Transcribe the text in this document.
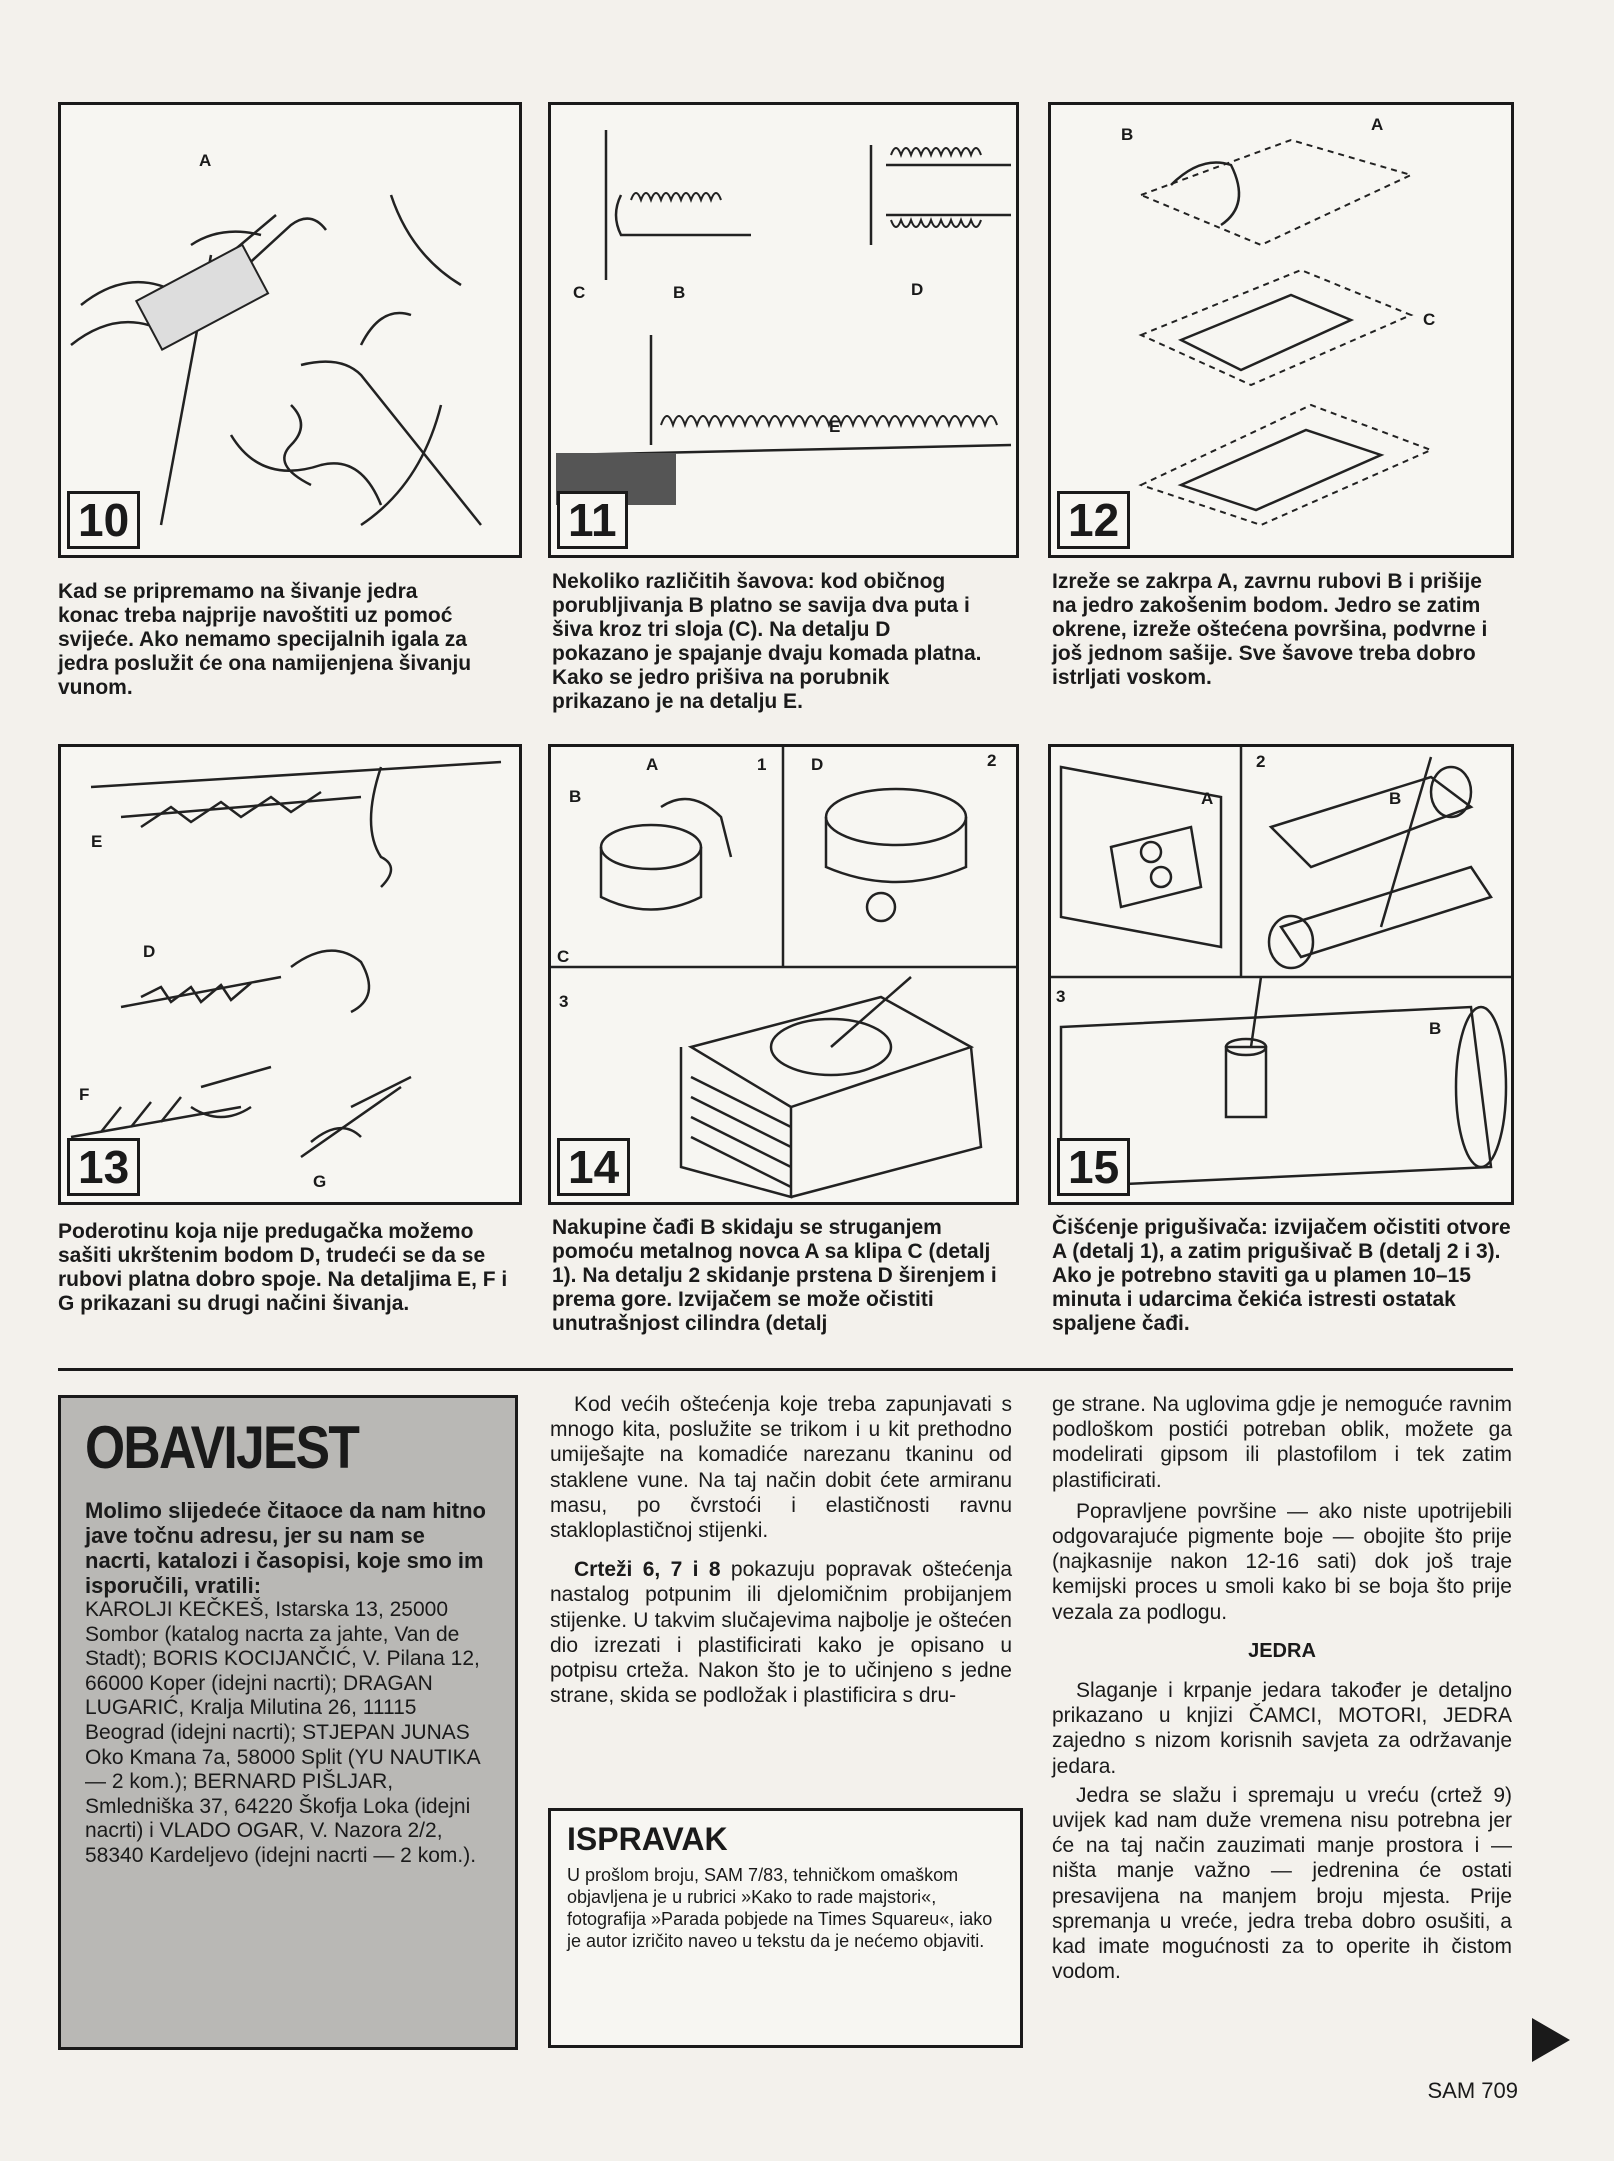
A
10
C	B	D
E
11
B
A
C
12

Kad se pripremamo na šivanje jedra konac treba najprije navoštiti uz pomoć svijeće. Ako nemamo specijalnih igala za jedra poslužit će ona namijenjena šivanju vunom.

Nekoliko različitih šavova: kod običnog porubljivanja B platno se savija dva puta i šiva kroz tri sloja (C). Na detalju D pokazano je spajanje dvaju komada platna. Kako se jedro prišiva na porubnik prikazano je na detalju E.

Izreže se zakrpa A, zavrnu rubovi B i prišije na jedro zakošenim bodom. Jedro se zatim okrene, izreže oštećena površina, podvrne i još jednom sašije. Sve šavove treba dobro istrljati voskom.

E
D
F
G
13
A	1	D	2
B
C
3
14
2
A	B
3
B
15

Poderotinu koja nije predugačka možemo sašiti ukrštenim bodom D, trudeći se da se rubovi platna dobro spoje. Na detaljima E, F i G prikazani su drugi načini šivanja.

Nakupine čađi B skidaju se struganjem pomoću metalnog novca A sa klipa C (detalj 1). Na detalju 2 skidanje prstena D širenjem i prema gore. Izvijačem se može očistiti unutrašnjost cilindra (detalj

Čišćenje prigušivača: izvijačem očistiti otvore A (detalj 1), a zatim prigušivač B (detalj 2 i 3). Ako je potrebno staviti ga u plamen 10–15 minuta i udarcima čekića istresti ostatak spaljene čađi.

OBAVIJEST

Molimo slijedeće čitaoce da nam hitno jave točnu adresu, jer su nam se nacrti, katalozi i časopisi, koje smo im isporučili, vratili:

KAROLJI KEČKEŠ, Istarska 13, 25000 Sombor (katalog nacrta za jahte, Van de Stadt); BORIS KOCIJANČIĆ, V. Pilana 12, 66000 Koper (idejni nacrti); DRAGAN LUGARIĆ, Kralja Milutina 26, 11115 Beograd (idejni nacrti); STJEPAN JUNAS Oko Kmana 7a, 58000 Split (YU NAUTIKA — 2 kom.); BERNARD PIŠLJAR, Smledniška 37, 64220 Škofja Loka (idejni nacrti) i VLADO OGAR, V. Nazora 2/2, 58340 Kardeljevo (idejni nacrti — 2 kom.).

Kod većih oštećenja koje treba zapunjavati s mnogo kita, poslužite se trikom i u kit prethodno umiješajte na komadiće narezanu tkaninu od staklene vune. Na taj način dobit ćete armiranu masu, po čvrstoći i elastičnosti ravnu stakloplastičnoj stijenki.

Crteži 6, 7 i 8 pokazuju popravak oštećenja nastalog potpunim ili djelomičnim probijanjem stijenke. U takvim slučajevima najbolje je oštećen dio izrezati i plastificirati kako je opisano u potpisu crteža. Nakon što je to učinjeno s jedne strane, skida se podložak i plastificira s dru-

ISPRAVAK

U prošlom broju, SAM 7/83, tehničkom omaškom objavljena je u rubrici »Kako to rade majstori«, fotografija »Parada pobjede na Times Squareu«, iako je autor izričito naveo u tekstu da je nećemo objaviti.

ge strane. Na uglovima gdje je nemoguće ravnim podloškom postići potreban oblik, možete ga modelirati gipsom ili plastofilom i tek zatim plastificirati.

Popravljene površine — ako niste upotrijebili odgovarajuće pigmente boje — obojite što prije (najkasnije nakon 12-16 sati) dok još traje kemijski proces u smoli kako bi se boja što prije vezala za podlogu.

JEDRA

Slaganje i krpanje jedara također je detaljno prikazano u knjizi ČAMCI, MOTORI, JEDRA zajedno s nizom korisnih savjeta za održavanje jedara.

Jedra se slažu i spremaju u vreću (crtež 9) uvijek kad nam duže vremena nisu potrebna jer će na taj način zauzimati manje prostora i — ništa manje važno — jedrenina će ostati presavijena na manjem broju mjesta. Prije spremanja u vreće, jedra treba dobro osušiti, a kad imate mogućnosti za to operite ih čistom vodom.

SAM 709
